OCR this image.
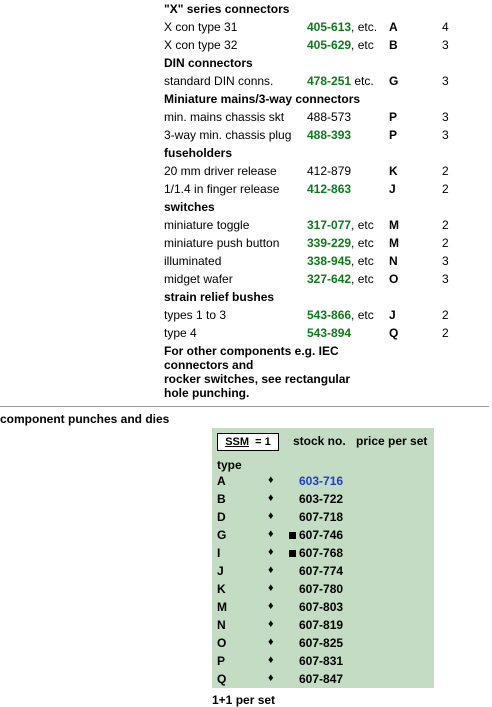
"X" series connectors
X con type 31	405-613, etc. A	4
X con type 32	405-629, etc B	3
DIN connectors
standard DIN conns.	478-251 etc. G	3
Miniature mains/3-way connectors
min. mains chassis skt 488-573	P	3
3-way min. chassis plug 488-393	P	3
fuseholders
20 mm driver release	412-879	K	2
1/1.4 in finger release 412-863	J	2
switches
miniature toggle	317-077, etc M	2
miniature push button 339-229, etc M	2
illuminated	338-945, etc N	3
midget wafer	327-642, etc O	3
strain relief bushes
types 1 to 3	543-866, etc J	2
type 4	543-894	Q	2
For other components e.g. IEC
connectors and
rocker switches, see rectangular
hole punching.
component punches and dies
SSM = 1	stock no. price per set
type
A	♦ 603-716
B	♦ 603-722
D	♦ 607-718
G	♦ 607-746
I	♦ 607-768
J	♦ 607-774
K	♦ 607-780
M	♦ 607-803
N	♦ 607-819
O	♦ 607-825
P	♦ 607-831
Q	♦ 607-847
1+1 per set
